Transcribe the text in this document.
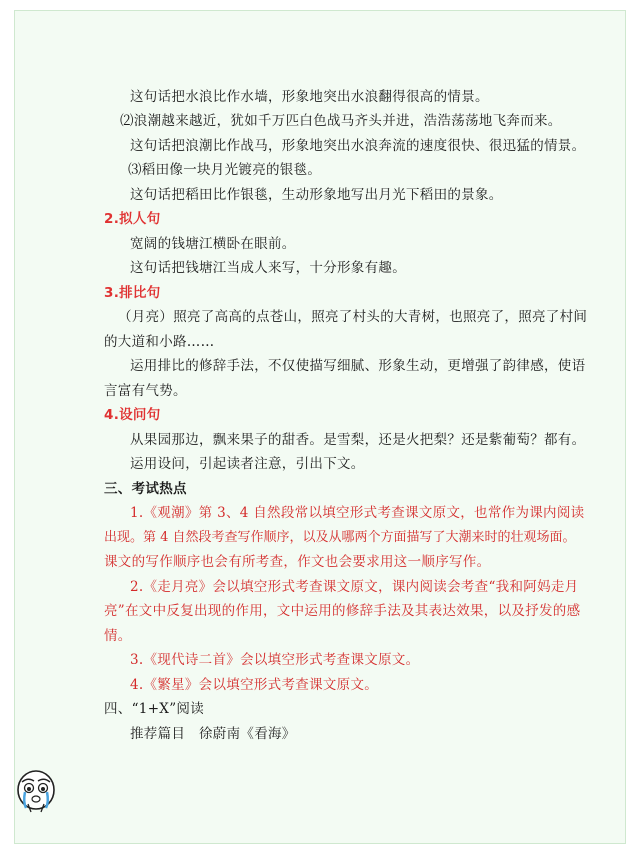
这句话把水浪比作水墙，形象地突出水浪翻得很高的情景。
⑵浪潮越来越近，犹如千万匹白色战马齐头并进，浩浩荡荡地飞奔而来。
这句话把浪潮比作战马，形象地突出水浪奔流的速度很快、很迅猛的情景。
⑶稻田像一块月光镀亮的银毯。
这句话把稻田比作银毯，生动形象地写出月光下稻田的景象。
2.拟人句
宽阔的钱塘江横卧在眼前。
这句话把钱塘江当成人来写，十分形象有趣。
3.排比句
（月亮）照亮了高高的点苍山，照亮了村头的大青树，也照亮了，照亮了村间
的大道和小路……
运用排比的修辞手法，不仅使描写细腻、形象生动，更增强了韵律感，使语
言富有气势。
4.设问句
从果园那边，飘来果子的甜香。是雪梨，还是火把梨？还是紫葡萄？都有。
运用设问，引起读者注意，引出下文。
三、考试热点
1.《观潮》第 3、4 自然段常以填空形式考查课文原文，也常作为课内阅读
出现。第 4 自然段考查写作顺序，以及从哪两个方面描写了大潮来时的壮观场面。
课文的写作顺序也会有所考查，作文也会要求用这一顺序写作。
2.《走月亮》会以填空形式考查课文原文，课内阅读会考查“我和阿妈走月
亮”在文中反复出现的作用，文中运用的修辞手法及其表达效果，以及抒发的感
情。
3.《现代诗二首》会以填空形式考查课文原文。
4.《繁星》会以填空形式考查课文原文。
四、“1+X”阅读
推荐篇目　徐蔚南《看海》
